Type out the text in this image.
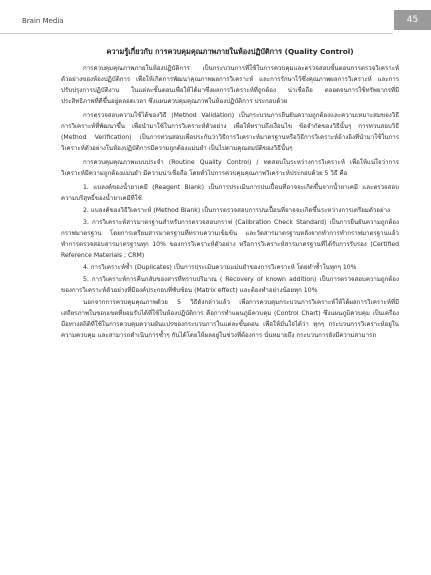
Brain Media	45
ความรู้เกี่ยวกับ การควบคุมคุณภาพภายในห้องปฏิบัติการ (Quality Control)

การควบคุมคุณภาพภายในห้องปฏิบัติการ เป็นกระบวนการที่ใช้ในการควบคุมและตรวจสอบขั้นตอนการตรวจวิเคราะห์ตัวอย่างของห้องปฏิบัติการ เพื่อให้เกิดการพัฒนาคุณภาพผลการวิเคราะห์ และการรักษาไว้ซึ่งคุณภาพผลการวิเคราะห์ และการปรับปรุงการปฏิบัติงาน ในแต่ละขั้นตอนเพื่อให้ได้มาซึ่งผลการวิเคราะห์ที่ถูกต้อง น่าเชื่อถือ ตลอดจนการใช้ทรัพยากรที่มีประสิทธิภาพที่ดีขึ้นอยู่ตลอดเวลา ซึ่งแผนควบคุมคุณภาพในห้องปฏิบัติการ ประกอบด้วย

การตรวจสอบความใช้ได้ของวิธี (Method Validation) เป็นกระบวนการยืนยันความถูกต้องและความเหมาะสมของวิธีการวิเคราะห์ที่พัฒนาขึ้น เพื่อนำมาใช้ในการวิเคราะห์ตัวอย่าง เพื่อให้ทราบถึงเงื่อนไข ข้อจำกัดของวิธีนั้นๆ การทวนสอบวิธี (Method Verification) เป็นการทวนสอบเพื่อประกันว่าวิธีการวิเคราะห์มาตรฐานหรือวิธีการวิเคราะห์อ้างอิงที่นำมาใช้ในการวิเคราะห์ตัวอย่างในห้องปฏิบัติการมีความถูกต้องแม่นยำ เป็นไปตามคุณสมบัติของวิธีนั้นๆ

การควบคุมคุณภาพแบบประจำ (Routine Quality Control) / ทดสอบในระหว่างการวิเคราะห์ เพื่อให้แน่ใจว่าการวิเคราะห์มีความถูกต้องแม่นยำ มีความน่าเชื่อถือ โดยทั่วไปการควบคุมคุณภาพวิเคราะห์ประกอบด้วย 5 วิธี คือ

1. แบลงค์ของน้ำยาเคมี (Reagent Blank) เป็นการประเมินการปนเปื้อนที่อาจจะเกิดขึ้นจากน้ำยาเคมี และตรวจสอบความบริสุทธิ์ของน้ำยาเคมีที่ใช้

2. แบลงค์ของวิธีวิเคราะห์ (Method Blank) เป็นการตรวจสอบการปนเปื้อนที่อาจจะเกิดขึ้นระหว่างการเตรียมตัวอย่าง

3. การวิเคราะห์สารมาตรฐานสำหรับการตรวจสอบกราฟ (Calibration Check Standard) เป็นการยืนยันความถูกต้องกราฟมาตรฐาน โดยการเตรียมสารมาตรฐานที่ทราบความเข้มข้น และวัดสารมาตรฐานหลังจากทำการทำกราฟมาตรฐานแล้ว ทำการตรวจสอบสารมาตรฐานทุก 10% ของการวิเคราะห์ตัวอย่าง หรือการวิเคราะห์สารมาตรฐานที่ได้รับการรับรอง (Certified Reference Materials ; CRM)

4. การวิเคราะห์ซ้ำ (Duplicates) เป็นการประเมินความแม่นยำของการวิเคราะห์ โดยทำซ้ำในทุกๆ 10%

5. การวิเคราะห์การคืนกลับของสารที่ทราบปริมาณ ( Recovery of known addition) เป็นการตรวจสอบความถูกต้องของการวิเคราะห์ตัวอย่างที่มีองค์ประกอบที่ซับซ้อน (Matrix effect) และต้องทำอย่างน้อยทุก 10%

นอกจากการควบคุมคุณภาพด้วย 5 วิธีดังกล่าวแล้ว เพื่อการควบคุมกระบวนการวิเคราะห์ให้ได้ผลการวิเคราะห์ที่มีเสถียรภาพในขอบเขตที่ยอมรับได้ที่ใช้ในห้องปฏิบัติการ คือการทำแผนภูมิควบคุม (Control Chart) ซึ่งแผนภูมิควบคุม เป็นเครื่องมือทางสถิติที่ใช้ในการควบคุมความผันแปรของกระบวนการในแต่ละขั้นตอน เพื่อให้มั่นใจได้ว่า ทุกๆ กระบวนการวิเคราะห์อยู่ในความควบคุม และสามารถดำเนินการซ้ำๆ กันได้โดยให้ผลอยู่ในช่วงที่ต้องการ นั่นหมายถึง กระบวนการยังมีความสามารถ
